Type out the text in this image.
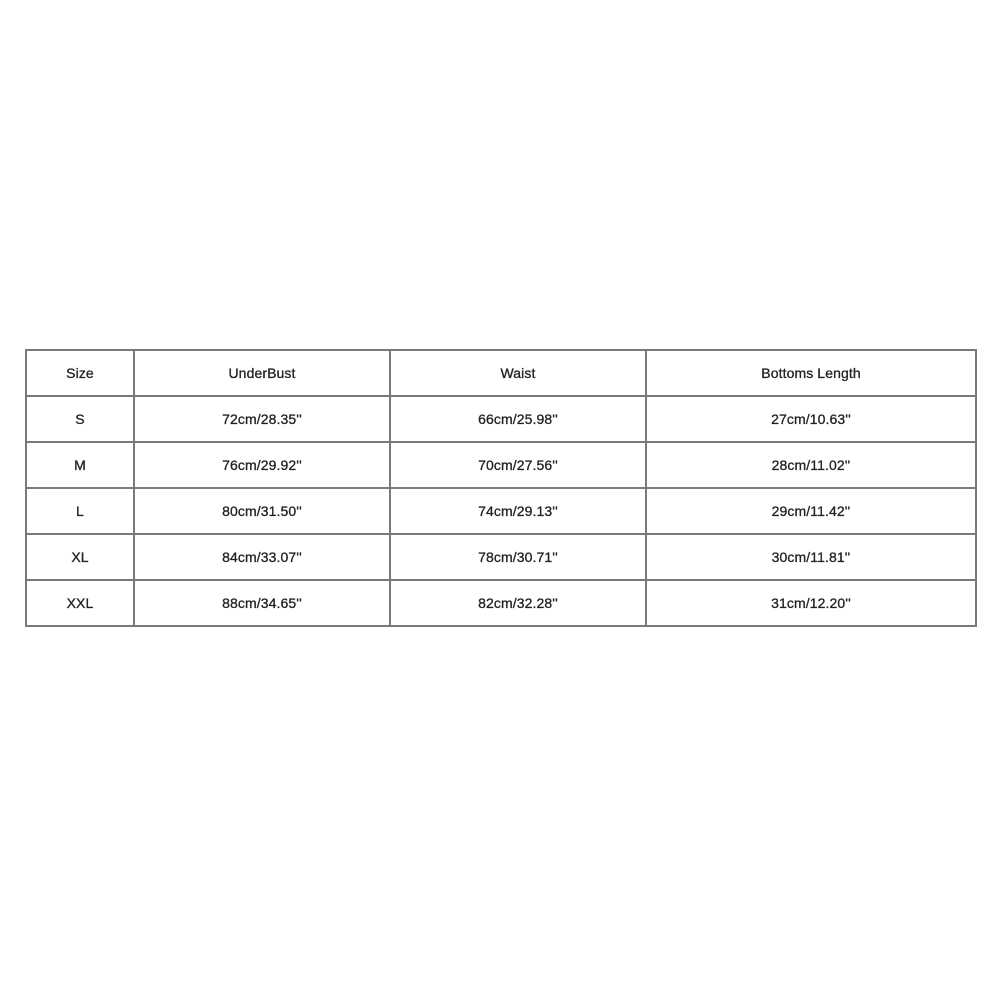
Size	UnderBust	Waist	Bottoms Length
S	72cm/28.35''	66cm/25.98''	27cm/10.63''
M	76cm/29.92''	70cm/27.56''	28cm/11.02''
L	80cm/31.50''	74cm/29.13''	29cm/11.42''
XL	84cm/33.07''	78cm/30.71''	30cm/11.81''
XXL	88cm/34.65''	82cm/32.28''	31cm/12.20''
